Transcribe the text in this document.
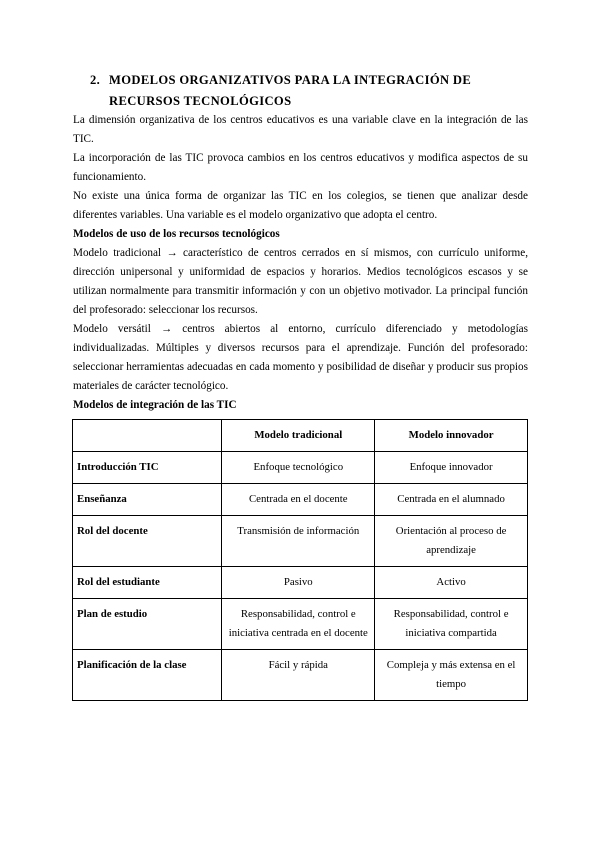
2. MODELOS ORGANIZATIVOS PARA LA INTEGRACIÓN DE RECURSOS TECNOLÓGICOS

La dimensión organizativa de los centros educativos es una variable clave en la integración de las TIC.

La incorporación de las TIC provoca cambios en los centros educativos y modifica aspectos de su funcionamiento.

No existe una única forma de organizar las TIC en los colegios, se tienen que analizar desde diferentes variables. Una variable es el modelo organizativo que adopta el centro.

Modelos de uso de los recursos tecnológicos

Modelo tradicional → característico de centros cerrados en sí mismos, con currículo uniforme, dirección unipersonal y uniformidad de espacios y horarios. Medios tecnológicos escasos y se utilizan normalmente para transmitir información y con un objetivo motivador. La principal función del profesorado: seleccionar los recursos.

Modelo versátil → centros abiertos al entorno, currículo diferenciado y metodologías individualizadas. Múltiples y diversos recursos para el aprendizaje. Función del profesorado: seleccionar herramientas adecuadas en cada momento y posibilidad de diseñar y producir sus propios materiales de carácter tecnológico.

Modelos de integración de las TIC

	Modelo tradicional	Modelo innovador
Introducción TIC	Enfoque tecnológico	Enfoque innovador
Enseñanza	Centrada en el docente	Centrada en el alumnado
Rol del docente	Transmisión de información	Orientación al proceso de aprendizaje
Rol del estudiante	Pasivo	Activo
Plan de estudio	Responsabilidad, control e iniciativa centrada en el docente	Responsabilidad, control e iniciativa compartida
Planificación de la clase	Fácil y rápida	Compleja y más extensa en el tiempo
